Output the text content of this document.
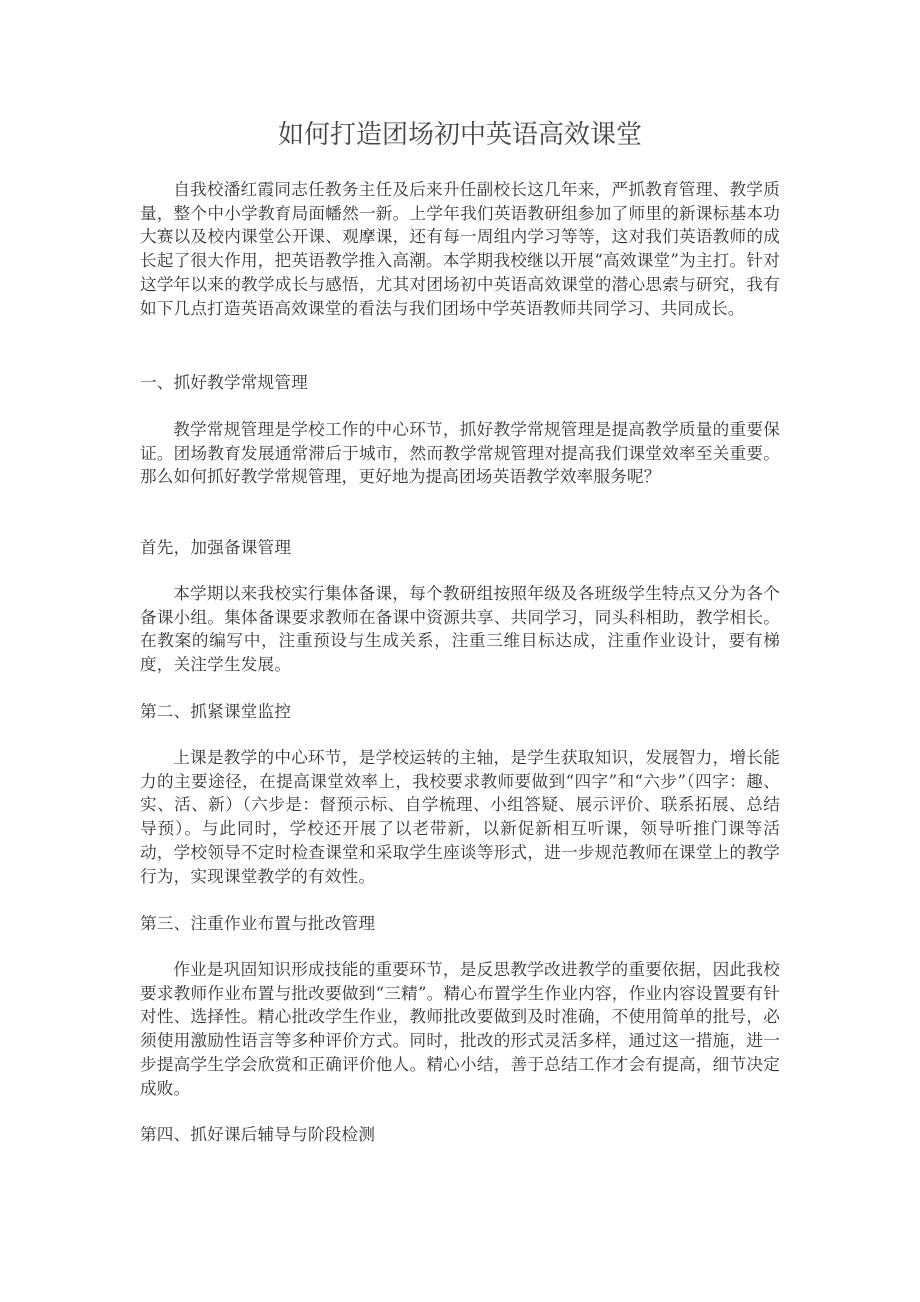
如何打造团场初中英语高效课堂

自我校潘红霞同志任教务主任及后来升任副校长这几年来，严抓教育管理、教学质量，整个中小学教育局面幡然一新。上学年我们英语教研组参加了师里的新课标基本功大赛以及校内课堂公开课、观摩课，还有每一周组内学习等等，这对我们英语教师的成长起了很大作用，把英语教学推入高潮。本学期我校继以开展“高效课堂”为主打。针对这学年以来的教学成长与感悟，尤其对团场初中英语高效课堂的潜心思索与研究，我有如下几点打造英语高效课堂的看法与我们团场中学英语教师共同学习、共同成长。

一、抓好教学常规管理

教学常规管理是学校工作的中心环节，抓好教学常规管理是提高教学质量的重要保证。团场教育发展通常滞后于城市，然而教学常规管理对提高我们课堂效率至关重要。那么如何抓好教学常规管理，更好地为提高团场英语教学效率服务呢？

首先，加强备课管理

本学期以来我校实行集体备课，每个教研组按照年级及各班级学生特点又分为各个备课小组。集体备课要求教师在备课中资源共享、共同学习，同头科相助，教学相长。在教案的编写中，注重预设与生成关系，注重三维目标达成，注重作业设计，要有梯度，关注学生发展。

第二、抓紧课堂监控

上课是教学的中心环节，是学校运转的主轴，是学生获取知识，发展智力，增长能力的主要途径，在提高课堂效率上，我校要求教师要做到“四字”和“六步”（四字：趣、实、活、新）（六步是：督预示标、自学梳理、小组答疑、展示评价、联系拓展、总结导预）。与此同时，学校还开展了以老带新，以新促新相互听课，领导听推门课等活动，学校领导不定时检查课堂和采取学生座谈等形式，进一步规范教师在课堂上的教学行为，实现课堂教学的有效性。

第三、注重作业布置与批改管理

作业是巩固知识形成技能的重要环节，是反思教学改进教学的重要依据，因此我校要求教师作业布置与批改要做到“三精”。精心布置学生作业内容，作业内容设置要有针对性、选择性。精心批改学生作业，教师批改要做到及时准确，不使用简单的批号，必须使用激励性语言等多种评价方式。同时，批改的形式灵活多样，通过这一措施，进一步提高学生学会欣赏和正确评价他人。精心小结，善于总结工作才会有提高，细节决定成败。

第四、抓好课后辅导与阶段检测
